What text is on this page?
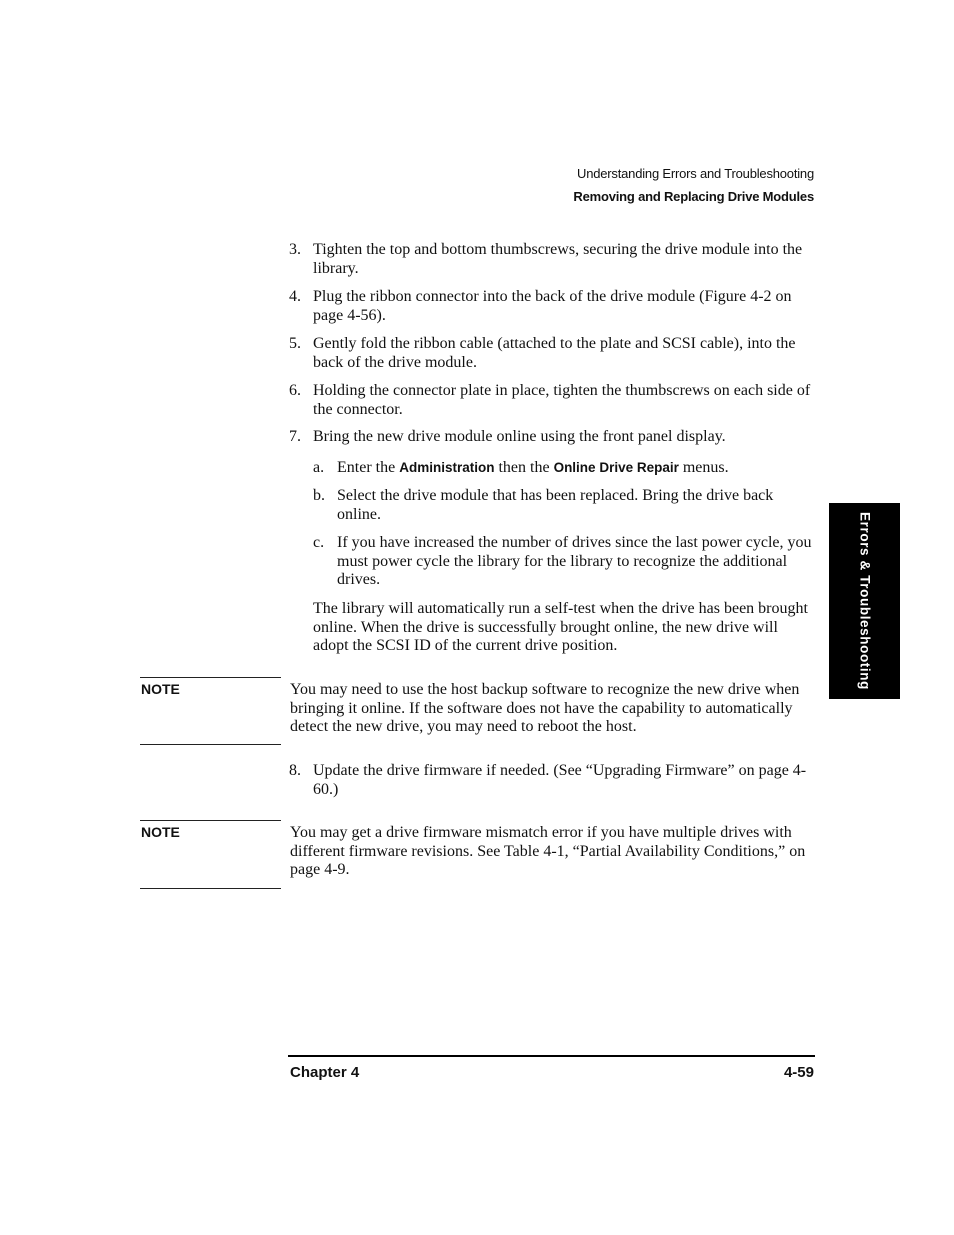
Understanding Errors and Troubleshooting
Removing and Replacing Drive Modules
3. Tighten the top and bottom thumbscrews, securing the drive module into the library.
4. Plug the ribbon connector into the back of the drive module (Figure 4-2 on page 4-56).
5. Gently fold the ribbon cable (attached to the plate and SCSI cable), into the back of the drive module.
6. Holding the connector plate in place, tighten the thumbscrews on each side of the connector.
7. Bring the new drive module online using the front panel display.
a. Enter the Administration then the Online Drive Repair menus.
b. Select the drive module that has been replaced. Bring the drive back online.
c. If you have increased the number of drives since the last power cycle, you must power cycle the library for the library to recognize the additional drives.
The library will automatically run a self-test when the drive has been brought online. When the drive is successfully brought online, the new drive will adopt the SCSI ID of the current drive position.
NOTE	You may need to use the host backup software to recognize the new drive when bringing it online. If the software does not have the capability to automatically detect the new drive, you may need to reboot the host.
8. Update the drive firmware if needed. (See “Upgrading Firmware” on page 4-60.)
NOTE	You may get a drive firmware mismatch error if you have multiple drives with different firmware revisions. See Table 4-1, “Partial Availability Conditions,” on page 4-9.
Errors & Troubleshooting
Chapter 4	4-59
